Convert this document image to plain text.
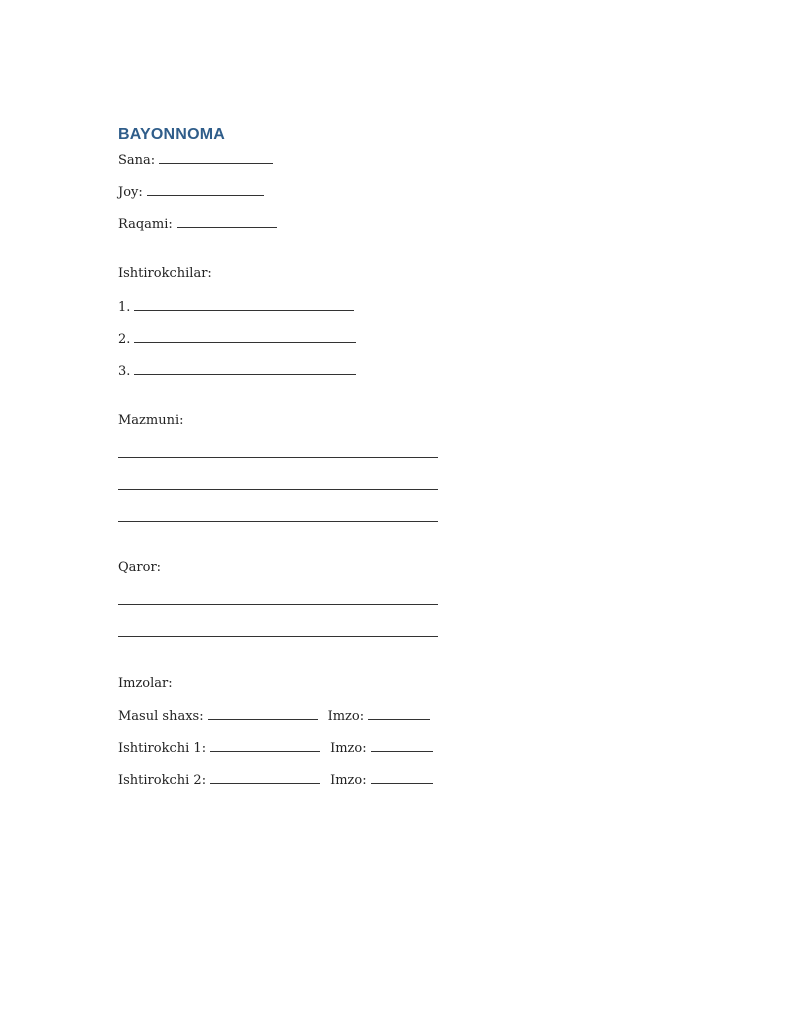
BAYONNOMA
Sana:
Joy:
Raqami:
Ishtirokchilar:
1.
2.
3.
Mazmuni:
Qaror:
Imzolar:
Masul shaxs:	Imzo:
Ishtirokchi 1:	Imzo:
Ishtirokchi 2:	Imzo:
